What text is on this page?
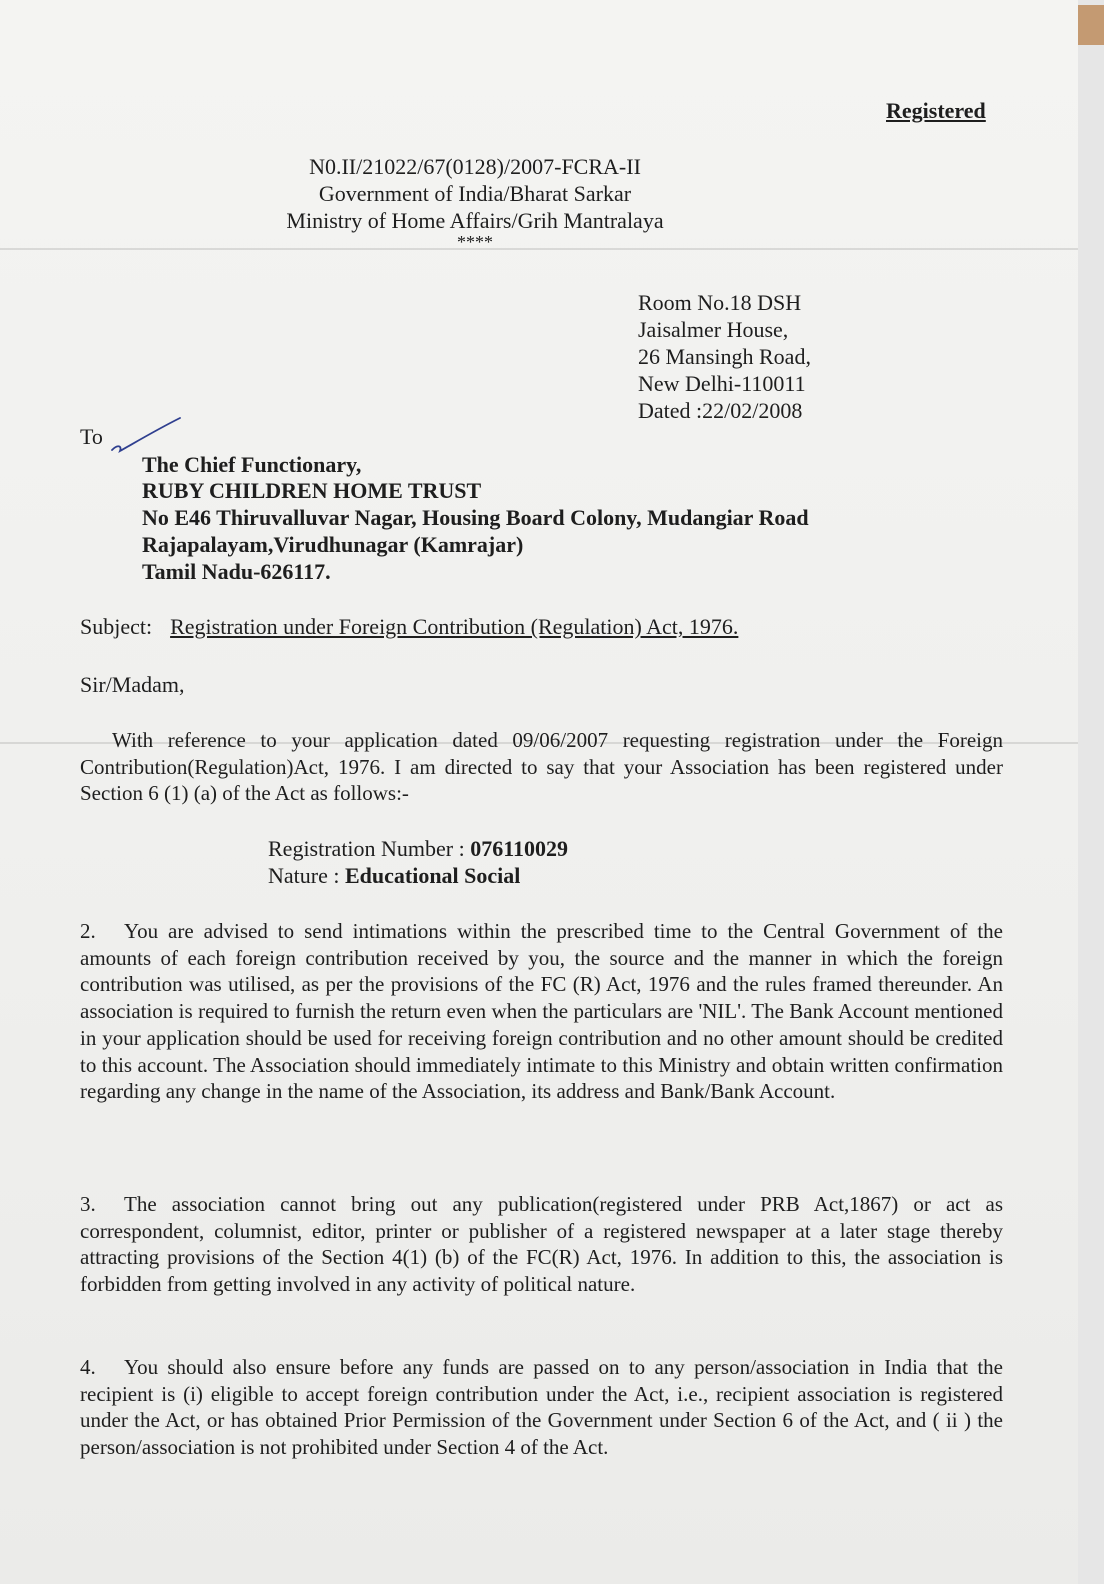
Registered
N0.II/21022/67(0128)/2007-FCRA-II
Government of India/Bharat Sarkar
Ministry of Home Affairs/Grih Mantralaya
****
Room No.18 DSH
Jaisalmer House,
26 Mansingh Road,
New Delhi-110011
Dated :22/02/2008
To
The Chief Functionary,
RUBY CHILDREN HOME TRUST
No E46 Thiruvalluvar Nagar, Housing Board Colony, Mudangiar Road
Rajapalayam,Virudhunagar (Kamrajar)
Tamil Nadu-626117.
Subject: Registration under Foreign Contribution (Regulation) Act, 1976.
Sir/Madam,
With reference to your application dated 09/06/2007 requesting registration under the Foreign Contribution(Regulation)Act, 1976. I am directed to say that your Association has been registered under Section 6 (1) (a) of the Act as follows:-
Registration Number : 076110029
Nature : Educational Social
2. You are advised to send intimations within the prescribed time to the Central Government of the amounts of each foreign contribution received by you, the source and the manner in which the foreign contribution was utilised, as per the provisions of the FC (R) Act, 1976 and the rules framed thereunder. An association is required to furnish the return even when the particulars are 'NIL'. The Bank Account mentioned in your application should be used for receiving foreign contribution and no other amount should be credited to this account. The Association should immediately intimate to this Ministry and obtain written confirmation regarding any change in the name of the Association, its address and Bank/Bank Account.
3. The association cannot bring out any publication(registered under PRB Act,1867) or act as correspondent, columnist, editor, printer or publisher of a registered newspaper at a later stage thereby attracting provisions of the Section 4(1) (b) of the FC(R) Act, 1976. In addition to this, the association is forbidden from getting involved in any activity of political nature.
4. You should also ensure before any funds are passed on to any person/association in India that the recipient is (i) eligible to accept foreign contribution under the Act, i.e., recipient association is registered under the Act, or has obtained Prior Permission of the Government under Section 6 of the Act, and ( ii ) the person/association is not prohibited under Section 4 of the Act.
